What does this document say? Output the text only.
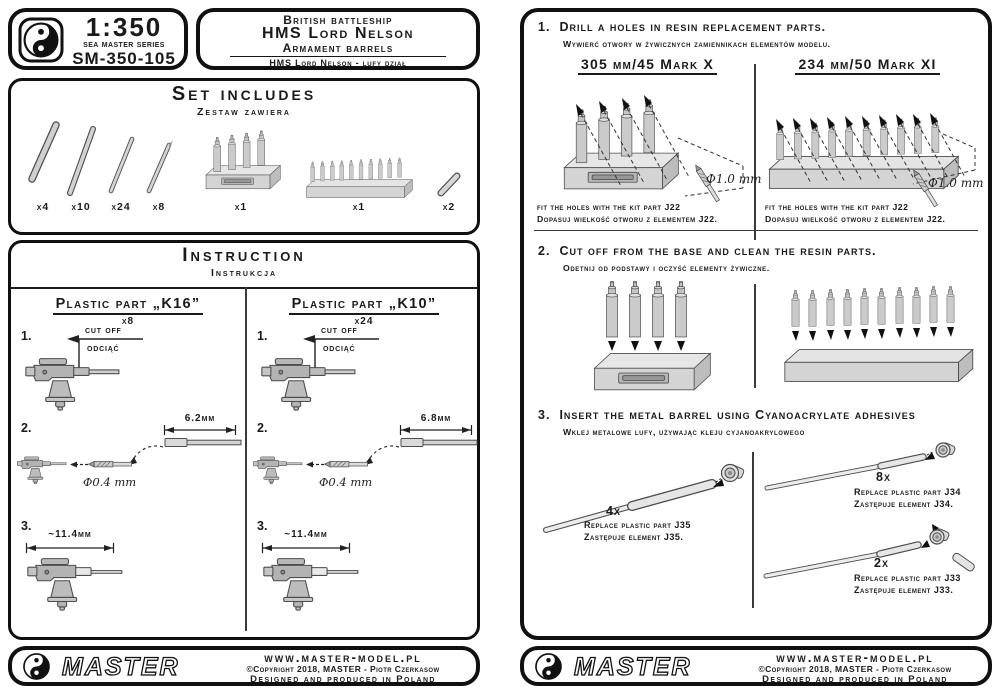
1:350
sea master series
SM-350-105
British battleship
HMS Lord Nelson
Armament barrels
HMS Lord Nelson - lufy dział
Set includes
Zestaw zawiera
x4	x10	x24	x8	x1	x1	x2
Instruction
Instrukcja
Plastic part „K16”
x8
1.	cut off
odciąć
2.
6.2mm
Φ0.4 mm
3.
~11.4mm
Plastic part „K10”
x24
1.	cut off
odciąć
2.
6.8mm
Φ0.4 mm
3.
~11.4mm
MASTER	www.master-model.pl
©Copyright 2018, MASTER - Piotr Czerkasow
Designed and produced in Poland
1. Drill a holes in resin replacement parts.
Wywierć otwory w żywicznych zamiennikach elementów modelu.
305 mm/45 Mark X	234 mm/50 Mark XI
Φ1.0 mm
fit the holes with the kit part J22
Dopasuj wielkość otworu z elementem J22.
Φ1.0 mm
fit the holes with the kit part J22
Dopasuj wielkość otworu z elementem J22.
2. Cut off from the base and clean the resin parts.
Odetnij od podstawy i oczyść elementy żywiczne.
3. Insert the metal barrel using Cyanoacrylate adhesives
Wklej metalowe lufy, używając kleju cyjanoakrylowego
4x
Replace plastic part J35
Zastępuje element J35.
8x
Replace plastic part J34
Zastępuje element J34.
2x
Replace plastic part J33
Zastępuje element J33.
MASTER	www.master-model.pl
©Copyright 2018, MASTER - Piotr Czerkasow
Designed and produced in Poland
